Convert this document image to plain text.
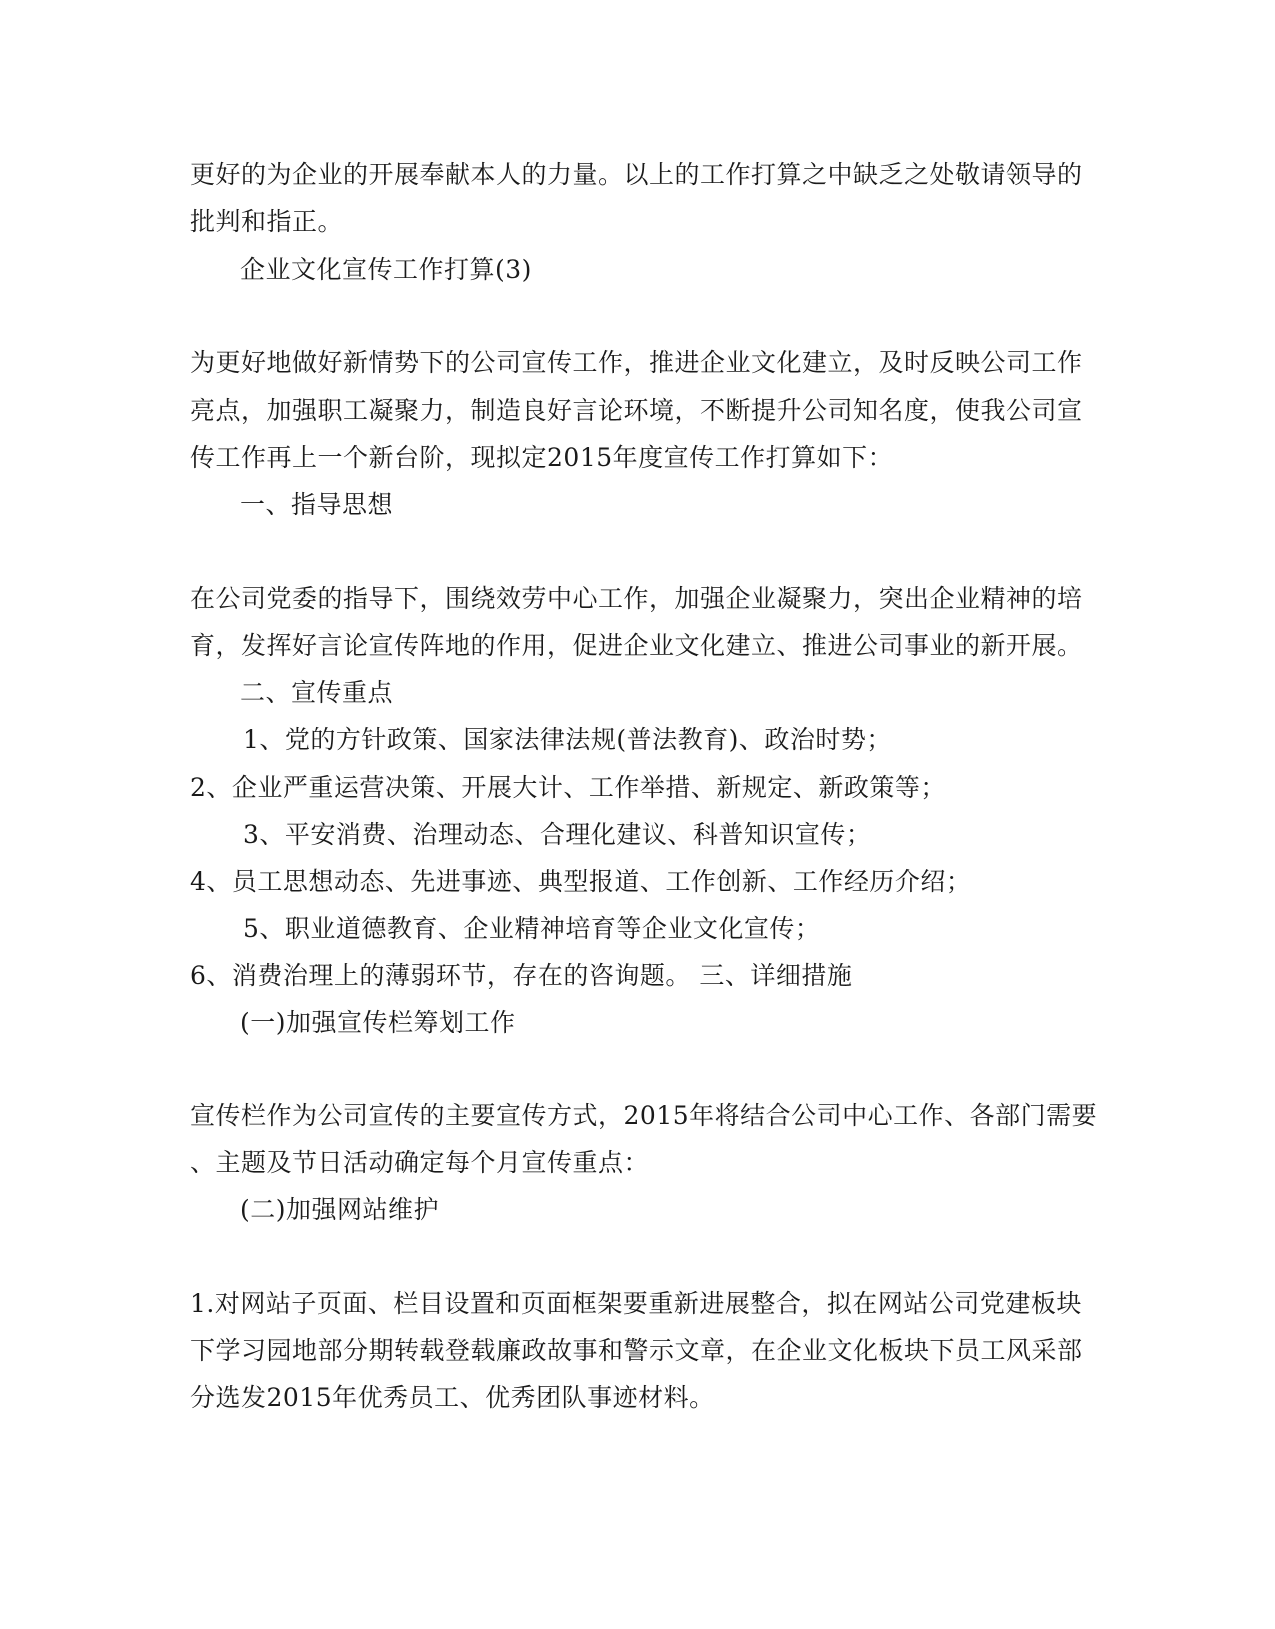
更好的为企业的开展奉献本人的力量。以上的工作打算之中缺乏之处敬请领导的
批判和指正。
企业文化宣传工作打算(3)
为更好地做好新情势下的公司宣传工作，推进企业文化建立，及时反映公司工作
亮点，加强职工凝聚力，制造良好言论环境，不断提升公司知名度，使我公司宣
传工作再上一个新台阶，现拟定2015年度宣传工作打算如下：
一、指导思想
在公司党委的指导下，围绕效劳中心工作，加强企业凝聚力，突出企业精神的培
育，发挥好言论宣传阵地的作用，促进企业文化建立、推进公司事业的新开展。
二、宣传重点
1、党的方针政策、国家法律法规(普法教育)、政治时势；
2、企业严重运营决策、开展大计、工作举措、新规定、新政策等；
3、平安消费、治理动态、合理化建议、科普知识宣传；
4、员工思想动态、先进事迹、典型报道、工作创新、工作经历介绍；
5、职业道德教育、企业精神培育等企业文化宣传；
6、消费治理上的薄弱环节，存在的咨询题。 三、详细措施
(一)加强宣传栏筹划工作
宣传栏作为公司宣传的主要宣传方式，2015年将结合公司中心工作、各部门需要
、主题及节日活动确定每个月宣传重点：
(二)加强网站维护
1.对网站子页面、栏目设置和页面框架要重新进展整合，拟在网站公司党建板块
下学习园地部分期转载登载廉政故事和警示文章，在企业文化板块下员工风采部
分选发2015年优秀员工、优秀团队事迹材料。
